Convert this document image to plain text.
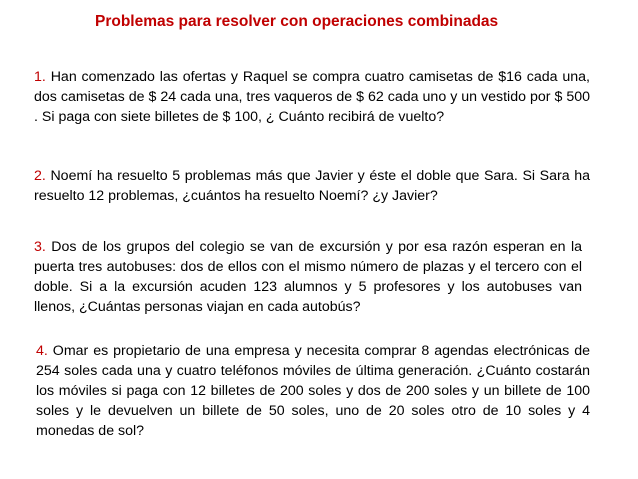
Problemas para resolver con operaciones combinadas

1. Han comenzado las ofertas y Raquel se compra cuatro camisetas de $16 cada una, dos camisetas de $ 24 cada una, tres vaqueros de $ 62 cada uno y un vestido por $ 500 . Si paga con siete billetes de $ 100, ¿ Cuánto recibirá de vuelto?

2. Noemí ha resuelto 5 problemas más que Javier y éste el doble que Sara. Si Sara ha resuelto 12 problemas, ¿cuántos ha resuelto Noemí? ¿y Javier?

3. Dos de los grupos del colegio se van de excursión y por esa razón esperan en la puerta tres autobuses: dos de ellos con el mismo número de plazas y el tercero con el doble. Si a la excursión acuden 123 alumnos y 5 profesores y los autobuses van llenos, ¿Cuántas personas viajan en cada autobús?

4. Omar es propietario de una empresa y necesita comprar 8 agendas electrónicas de 254 soles cada una y cuatro teléfonos móviles de última generación. ¿Cuánto costarán los móviles si paga con 12 billetes de 200 soles y dos de 200 soles y un billete de 100 soles y le devuelven un billete de 50 soles, uno de 20 soles otro de 10 soles y 4 monedas de sol?
